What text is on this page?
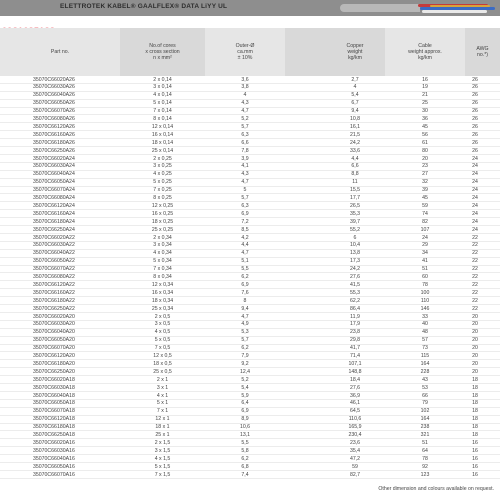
ELETTROTEK KABEL® GAALFLEX® DATA LiYY UL
Part no.
No.of cores
x cross section
n x mm²
Outer-Ø
ca.mm
± 10%
Copper
weight
kg/km
Cable
weight approx.
kg/km
AWG
no.*)
35070C66020A26	2 x 0,14	3,6	2,7	16	26
35070C66030A26	3 x 0,14	3,8	4	19	26
35070C66040A26	4 x 0,14	4	5,4	21	26
35070C66050A26	5 x 0,14	4,3	6,7	25	26
35070C66070A26	7 x 0,14	4,7	9,4	30	26
35070C66080A26	8 x 0,14	5,2	10,8	36	26
35070C66120A26	12 x 0,14	5,7	16,1	45	26
35070C66160A26	16 x 0,14	6,3	21,5	56	26
35070C66180A26	18 x 0,14	6,6	24,2	61	26
35070C66250A26	25 x 0,14	7,8	33,6	80	26
35070C66020A24	2 x 0,25	3,9	4,4	20	24
35070C66030A24	3 x 0,25	4,1	6,6	23	24
35070C66040A24	4 x 0,25	4,3	8,8	27	24
35070C66050A24	5 x 0,25	4,7	11	32	24
35070C66070A24	7 x 0,25	5	15,5	39	24
35070C66080A24	8 x 0,25	5,7	17,7	45	24
35070C66120A24	12 x 0,25	6,3	26,5	59	24
35070C66160A24	16 x 0,25	6,9	35,3	74	24
35070C66180A24	18 x 0,25	7,2	39,7	82	24
35070C66250A24	25 x 0,25	8,5	55,2	107	24
35070C66020A22	2 x 0,34	4,2	6	24	22
35070C66030A22	3 x 0,34	4,4	10,4	29	22
35070C66040A22	4 x 0,34	4,7	13,8	34	22
35070C66050A22	5 x 0,34	5,1	17,3	41	22
35070C66070A22	7 x 0,34	5,5	24,2	51	22
35070C66080A22	8 x 0,34	6,2	27,6	60	22
35070C66120A22	12 x 0,34	6,9	41,5	78	22
35070C66160A22	16 x 0,34	7,6	55,3	100	22
35070C66180A22	18 x 0,34	8	62,2	110	22
35070C66250A22	25 x 0,34	9,4	86,4	146	22
35070C66020A20	2 x 0,5	4,7	11,9	33	20
35070C66030A20	3 x 0,5	4,9	17,9	40	20
35070C66040A20	4 x 0,5	5,3	23,8	48	20
35070C66050A20	5 x 0,5	5,7	29,8	57	20
35070C66070A20	7 x 0,5	6,2	41,7	73	20
35070C66120A20	12 x 0,5	7,9	71,4	115	20
35070C66180A20	18 x 0,5	9,2	107,1	164	20
35070C66250A20	25 x 0,5	12,4	148,8	228	20
35070C66020A18	2 x 1	5,2	18,4	43	18
35070C66030A18	3 x 1	5,4	27,6	53	18
35070C66040A18	4 x 1	5,9	36,9	66	18
35070C66050A18	5 x 1	6,4	46,1	79	18
35070C66070A18	7 x 1	6,9	64,5	102	18
35070C66120A18	12 x 1	8,9	110,6	164	18
35070C66180A18	18 x 1	10,6	165,9	238	18
35070C66250A18	25 x 1	13,1	230,4	321	18
35070C66020A16	2 x 1,5	5,5	23,6	51	16
35070C66030A16	3 x 1,5	5,8	35,4	64	16
35070C66040A16	4 x 1,5	6,2	47,2	78	16
35070C66050A16	5 x 1,5	6,8	59	92	16
35070C66070A16	7 x 1,5	7,4	82,7	123	16
Other dimension and colours available on request.
